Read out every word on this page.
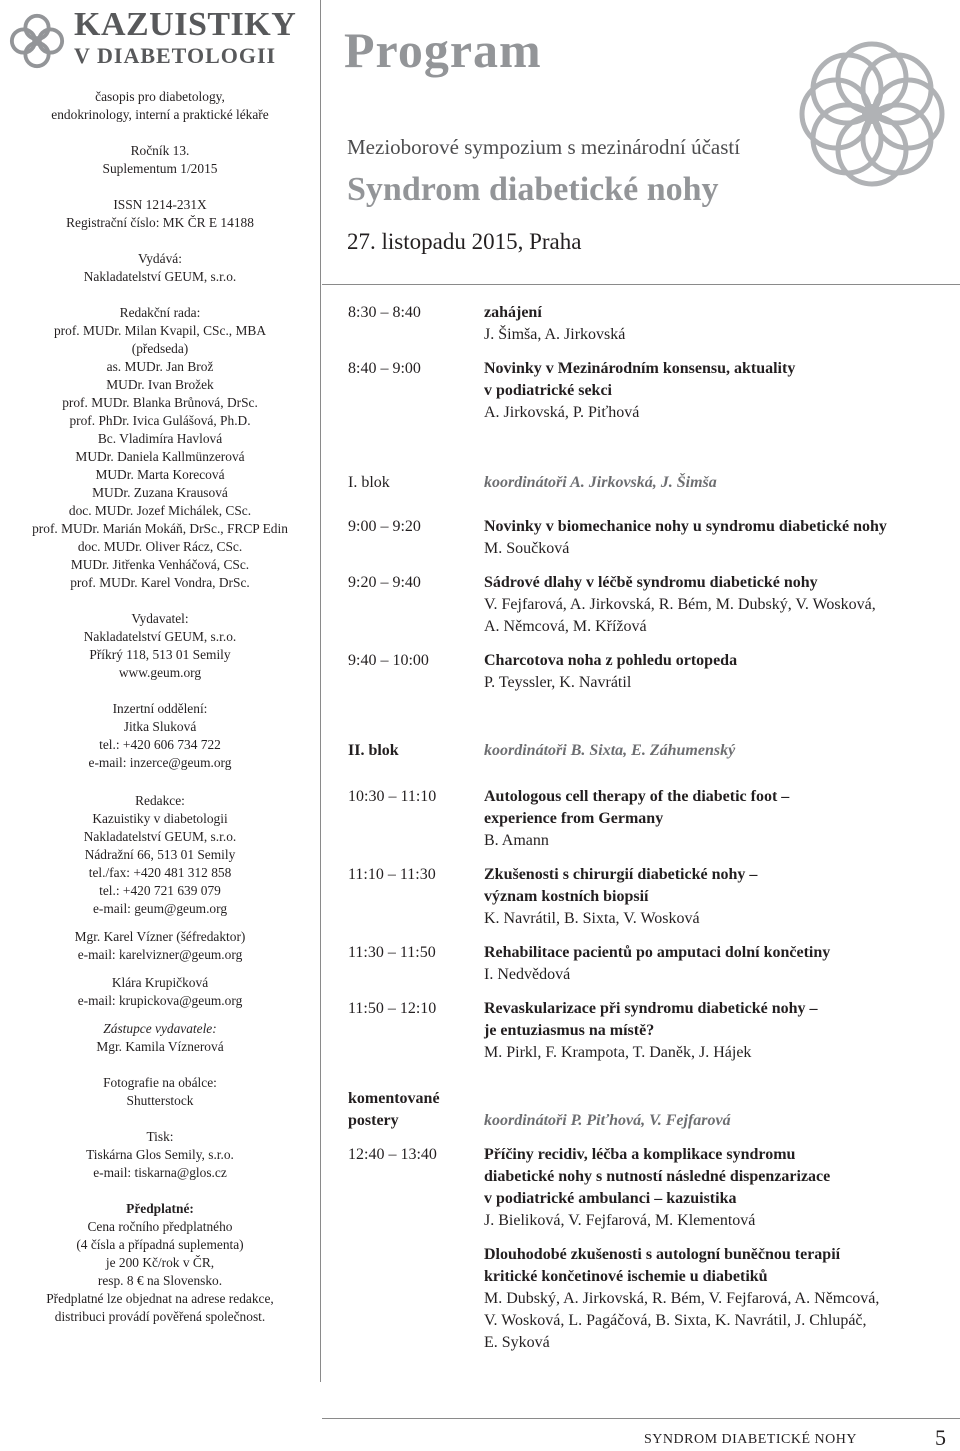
KAZUISTIKY
V DIABETOLOGII
časopis pro diabetology,
endokrinology, interní a praktické lékaře
Ročník 13.
Suplementum 1/2015
ISSN 1214-231X
Registrační číslo: MK ČR E 14188
Vydává:
Nakladatelství GEUM, s.r.o.
Redakční rada:
prof. MUDr. Milan Kvapil, CSc., MBA
(předseda)
as. MUDr. Jan Brož
MUDr. Ivan Brožek
prof. MUDr. Blanka Brůnová, DrSc.
prof. PhDr. Ivica Gulášová, Ph.D.
Bc. Vladimíra Havlová
MUDr. Daniela Kallmünzerová
MUDr. Marta Korecová
MUDr. Zuzana Krausová
doc. MUDr. Jozef Michálek, CSc.
prof. MUDr. Marián Mokáň, DrSc., FRCP Edin
doc. MUDr. Oliver Rácz, CSc.
MUDr. Jitřenka Venháčová, CSc.
prof. MUDr. Karel Vondra, DrSc.
Vydavatel:
Nakladatelství GEUM, s.r.o.
Příkrý 118, 513 01 Semily
www.geum.org
Inzertní oddělení:
Jitka Sluková
tel.: +420 606 734 722
e-mail: inzerce@geum.org
Redakce:
Kazuistiky v diabetologii
Nakladatelství GEUM, s.r.o.
Nádražní 66, 513 01 Semily
tel./fax: +420 481 312 858
tel.: +420 721 639 079
e-mail: geum@geum.org
Mgr. Karel Vízner (šéfredaktor)
e-mail: karelvizner@geum.org
Klára Krupičková
e-mail: krupickova@geum.org
Zástupce vydavatele:
Mgr. Kamila Víznerová
Fotografie na obálce:
Shutterstock
Tisk:
Tiskárna Glos Semily, s.r.o.
e-mail: tiskarna@glos.cz
Předplatné:
Cena ročního předplatného
(4 čísla a případná suplementa)
je 200 Kč/rok v ČR,
resp. 8 € na Slovensko.
Předplatné lze objednat na adrese redakce,
distribuci provádí pověřená společnost.
Program
Mezioborové sympozium s mezinárodní účastí
Syndrom diabetické nohy
27. listopadu 2015, Praha
8:30 – 8:40	zahájení
J. Šimša, A. Jirkovská
8:40 – 9:00	Novinky v Mezinárodním konsensu, aktuality
v podiatrické sekci
A. Jirkovská, P. Piťhová
I. blok	koordinátoři A. Jirkovská, J. Šimša
9:00 – 9:20	Novinky v biomechanice nohy u syndromu diabetické nohy
M. Součková
9:20 – 9:40	Sádrové dlahy v léčbě syndromu diabetické nohy
V. Fejfarová, A. Jirkovská, R. Bém, M. Dubský, V. Wosková,
A. Němcová, M. Křížová
9:40 – 10:00	Charcotova noha z pohledu ortopeda
P. Teyssler, K. Navrátil
II. blok	koordinátoři B. Sixta, E. Záhumenský
10:30 – 11:10	Autologous cell therapy of the diabetic foot –
experience from Germany
B. Amann
11:10 – 11:30	Zkušenosti s chirurgií diabetické nohy –
význam kostních biopsií
K. Navrátil, B. Sixta, V. Wosková
11:30 – 11:50	Rehabilitace pacientů po amputaci dolní končetiny
I. Nedvědová
11:50 – 12:10	Revaskularizace při syndromu diabetické nohy –
je entuziasmus na místě?
M. Pirkl, F. Krampota, T. Daněk, J. Hájek
komentované
postery	koordinátoři P. Piťhová, V. Fejfarová
12:40 – 13:40	Příčiny recidiv, léčba a komplikace syndromu
diabetické nohy s nutností následné dispenzarizace
v podiatrické ambulanci – kazuistika
J. Bieliková, V. Fejfarová, M. Klementová
Dlouhodobé zkušenosti s autologní buněčnou terapií
kritické končetinové ischemie u diabetiků
M. Dubský, A. Jirkovská, R. Bém, V. Fejfarová, A. Němcová,
V. Wosková, L. Pagáčová, B. Sixta, K. Navrátil, J. Chlupáč,
E. Syková
SYNDROM DIABETICKÉ NOHY	5
